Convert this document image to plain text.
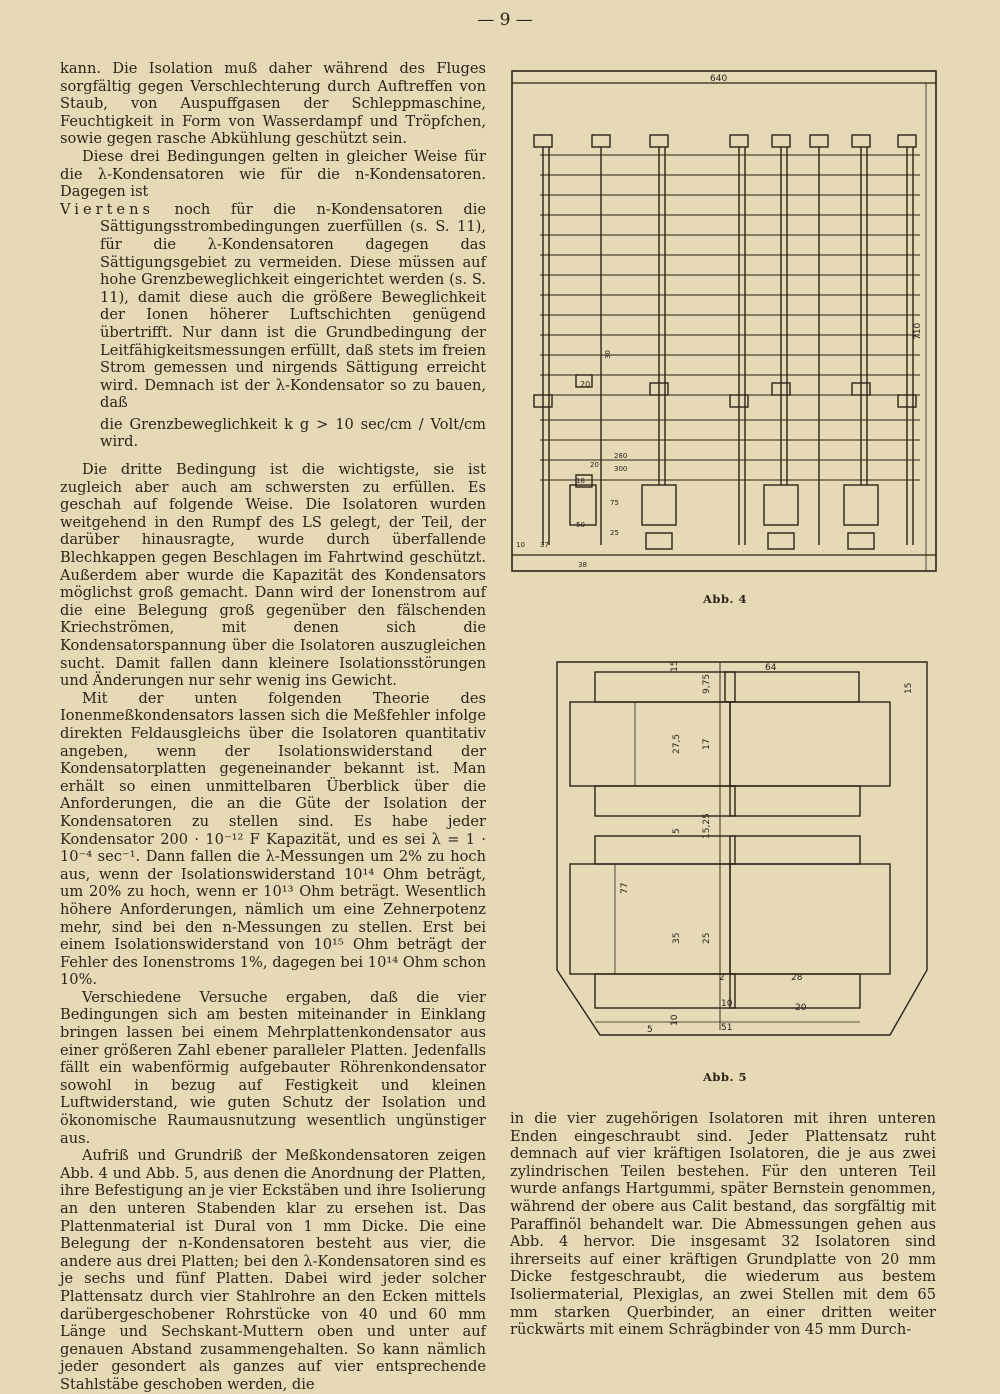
— 9 —

kann. Die Isolation muß daher während des Fluges sorgfältig gegen Verschlechterung durch Auftreffen von Staub, von Auspuffgasen der Schleppmaschine, Feuchtigkeit in Form von Wasserdampf und Tröpfchen, sowie gegen rasche Abkühlung geschützt sein.

Diese drei Bedingungen gelten in gleicher Weise für die λ-Kondensatoren wie für die n-Kondensatoren. Dagegen ist

Viertens noch für die n-Kondensatoren die Sättigungsstrombedingungen zuerfüllen (s. S. 11), für die λ-Kondensatoren dagegen das Sättigungsgebiet zu vermeiden. Diese müssen auf hohe Grenzbeweglichkeit eingerichtet werden (s. S. 11), damit diese auch die größere Beweglichkeit der Ionen höherer Luftschichten genügend übertrifft. Nur dann ist die Grundbedingung der Leitfähigkeitsmessungen erfüllt, daß stets im freien Strom gemessen und nirgends Sättigung erreicht wird. Demnach ist der λ-Kondensator so zu bauen, daß

die Grenzbeweglichkeit k g > 10 sec/cm / Volt/cm wird.

Die dritte Bedingung ist die wichtigste, sie ist zugleich aber auch am schwersten zu erfüllen. Es geschah auf folgende Weise. Die Isolatoren wurden weitgehend in den Rumpf des LS gelegt, der Teil, der darüber hinausragte, wurde durch überfallende Blechkappen gegen Beschlagen im Fahrtwind geschützt. Außerdem aber wurde die Kapazität des Kondensators möglichst groß gemacht. Dann wird der Ionenstrom auf die eine Belegung groß gegenüber den fälschenden Kriechströmen, mit denen sich die Kondensatorspannung über die Isolatoren auszugleichen sucht. Damit fallen dann kleinere Isolationsstörungen und Änderungen nur sehr wenig ins Gewicht.

Mit der unten folgenden Theorie des Ionenmeßkondensators lassen sich die Meßfehler infolge direkten Feldausgleichs über die Isolatoren quantitativ angeben, wenn der Isolationswiderstand der Kondensatorplatten gegeneinander bekannt ist. Man erhält so einen unmittelbaren Überblick über die Anforderungen, die an die Güte der Isolation der Kondensatoren zu stellen sind. Es habe jeder Kondensator 200 · 10⁻¹² F Kapazität, und es sei λ = 1 · 10⁻⁴ sec⁻¹. Dann fallen die λ-Messungen um 2% zu hoch aus, wenn der Isolationswiderstand 10¹⁴ Ohm beträgt, um 20% zu hoch, wenn er 10¹³ Ohm beträgt. Wesentlich höhere Anforderungen, nämlich um eine Zehnerpotenz mehr, sind bei den n-Messungen zu stellen. Erst bei einem Isolationswiderstand von 10¹⁵ Ohm beträgt der Fehler des Ionenstroms 1%, dagegen bei 10¹⁴ Ohm schon 10%.

Verschiedene Versuche ergaben, daß die vier Bedingungen sich am besten miteinander in Einklang bringen lassen bei einem Mehrplattenkondensator aus einer größeren Zahl ebener paralleler Platten. Jedenfalls fällt ein wabenförmig aufgebauter Röhrenkondensator sowohl in bezug auf Festigkeit und kleinen Luftwiderstand, wie guten Schutz der Isolation und ökonomische Raumausnutzung wesentlich ungünstiger aus.

Aufriß und Grundriß der Meßkondensatoren zeigen Abb. 4 und Abb. 5, aus denen die Anordnung der Platten, ihre Befestigung an je vier Eckstäben und ihre Isolierung an den unteren Stabenden klar zu ersehen ist. Das Plattenmaterial ist Dural von 1 mm Dicke. Die eine Belegung der n-Kondensatoren besteht aus vier, die andere aus drei Platten; bei den λ-Kondensatoren sind es je sechs und fünf Platten. Dabei wird jeder solcher Plattensatz durch vier Stahlrohre an den Ecken mittels darübergeschobener Rohrstücke von 40 und 60 mm Länge und Sechskant-Muttern oben und unter auf genauen Abstand zusammengehalten. So kann nämlich jeder gesondert als ganzes auf vier entsprechende Stahlstäbe geschoben werden, die

in die vier zugehörigen Isolatoren mit ihren unteren Enden eingeschraubt sind. Jeder Plattensatz ruht demnach auf vier kräftigen Isolatoren, die je aus zwei zylindrischen Teilen bestehen. Für den unteren Teil wurde anfangs Hartgummi, später Bernstein genommen, während der obere aus Calit bestand, das sorgfältig mit Paraffinöl behandelt war. Die Abmessungen gehen aus Abb. 4 hervor. Die insgesamt 32 Isolatoren sind ihrerseits auf einer kräftigen Grundplatte von 20 mm Dicke festgeschraubt, die wiederum aus bestem Isoliermaterial, Plexiglas, an zwei Stellen mit dem 65 mm starken Querbinder, an einer dritten weiter rückwärts mit einem Schrägbinder von 45 mm Durch-

640
710
20
30
20
280
300
18
50
37
38
10
25
75
Abb. 4
15	64
9,75
27,5 17
5 15,25
77
35 25
2	28
10	20
10
5	51
15
Abb. 5
